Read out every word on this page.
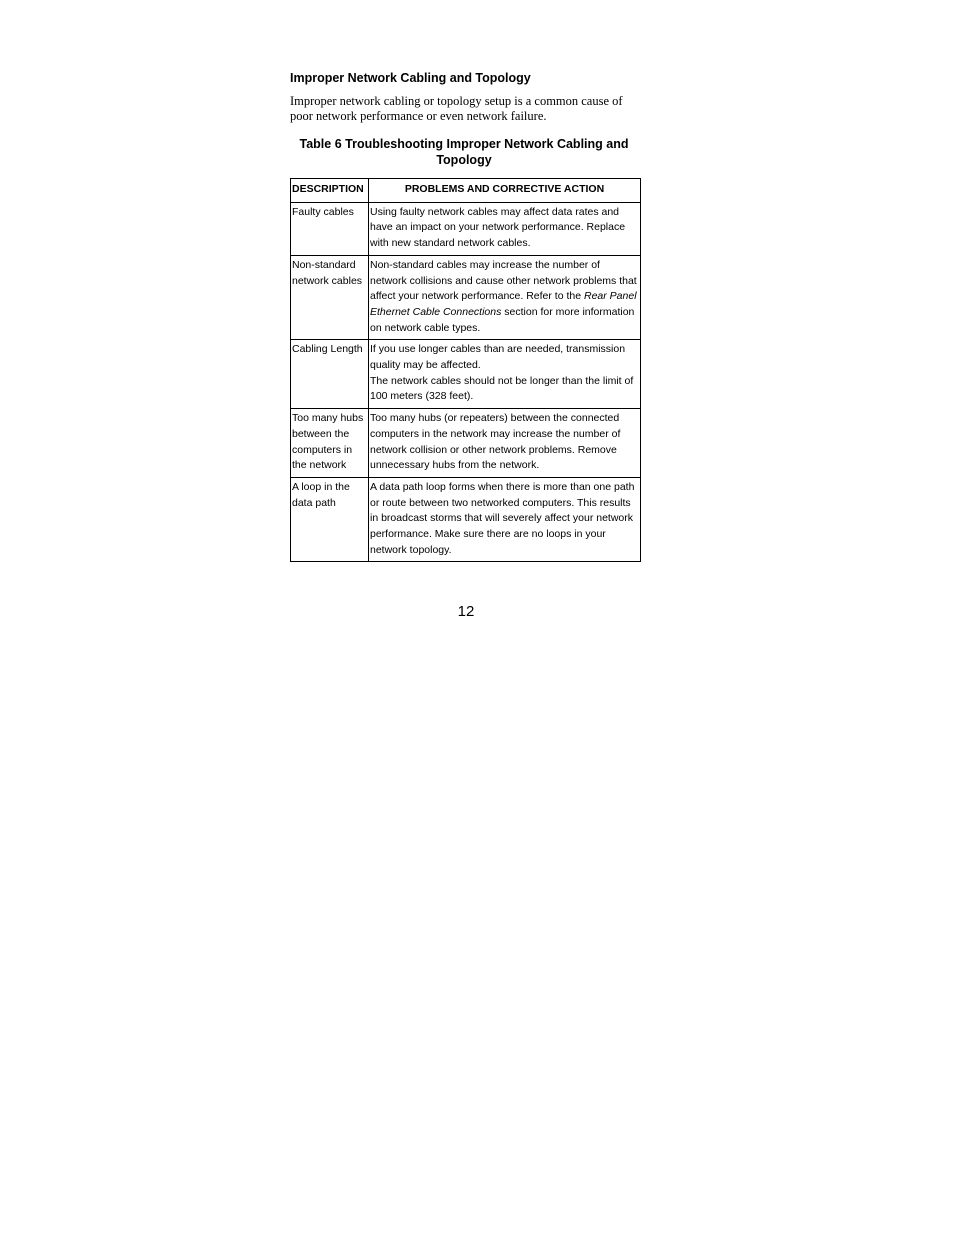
Improper Network Cabling and Topology

Improper network cabling or topology setup is a common cause of poor network performance or even network failure.

Table 6 Troubleshooting Improper Network Cabling and
Topology
DESCRIPTION	PROBLEMS AND CORRECTIVE ACTION
Faulty cables	Using faulty network cables may affect data rates and have an impact on your network performance. Replace with new standard network cables.
Non-standard network cables	Non-standard cables may increase the number of network collisions and cause other network problems that affect your network performance. Refer to the Rear Panel Ethernet Cable Connections section for more information on network cable types.
Cabling Length	If you use longer cables than are needed, transmission quality may be affected.
The network cables should not be longer than the limit of 100 meters (328 feet).
Too many hubs between the computers in the network	Too many hubs (or repeaters) between the connected computers in the network may increase the number of network collision or other network problems. Remove unnecessary hubs from the network.
A loop in the data path	A data path loop forms when there is more than one path or route between two networked computers. This results in broadcast storms that will severely affect your network performance. Make sure there are no loops in your network topology.
12
